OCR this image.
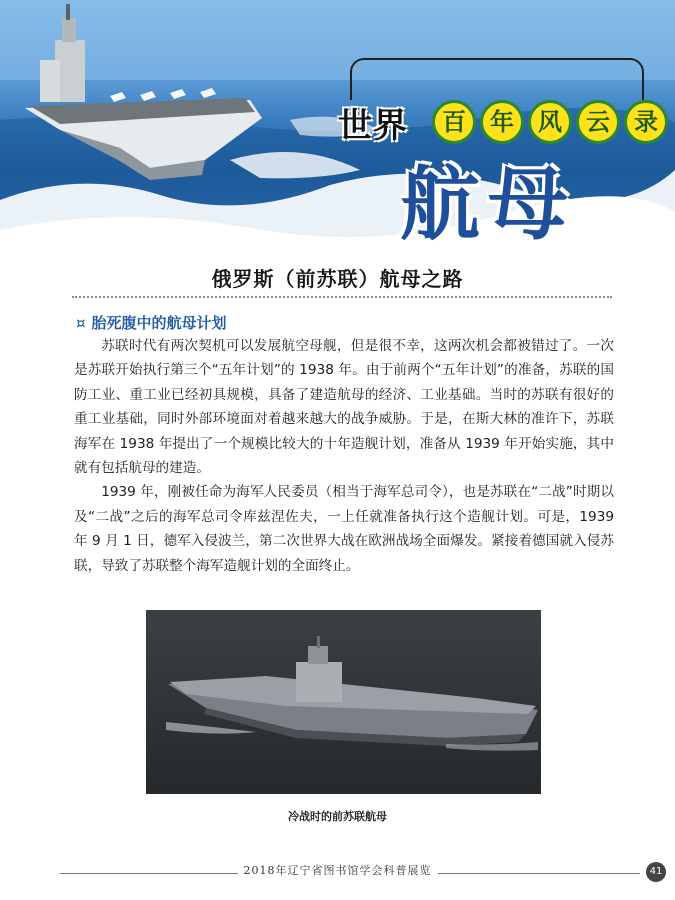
世界	百	年	风	云	录
航母
俄罗斯（前苏联）航母之路
¤ 胎死腹中的航母计划

苏联时代有两次契机可以发展航空母舰，但是很不幸，这两次机会都被错过了。一次是苏联开始执行第三个“五年计划”的 1938 年。由于前两个“五年计划”的准备，苏联的国防工业、重工业已经初具规模，具备了建造航母的经济、工业基础。当时的苏联有很好的重工业基础，同时外部环境面对着越来越大的战争威胁。于是，在斯大林的准许下，苏联海军在 1938 年提出了一个规模比较大的十年造舰计划，准备从 1939 年开始实施，其中就有包括航母的建造。

1939 年，刚被任命为海军人民委员（相当于海军总司令），也是苏联在“二战”时期以及“二战”之后的海军总司令库兹涅佐夫，一上任就准备执行这个造舰计划。可是，1939 年 9 月 1 日，德军入侵波兰，第二次世界大战在欧洲战场全面爆发。紧接着德国就入侵苏联，导致了苏联整个海军造舰计划的全面终止。

冷战时的前苏联航母
2018年辽宁省图书馆学会科普展览	41
